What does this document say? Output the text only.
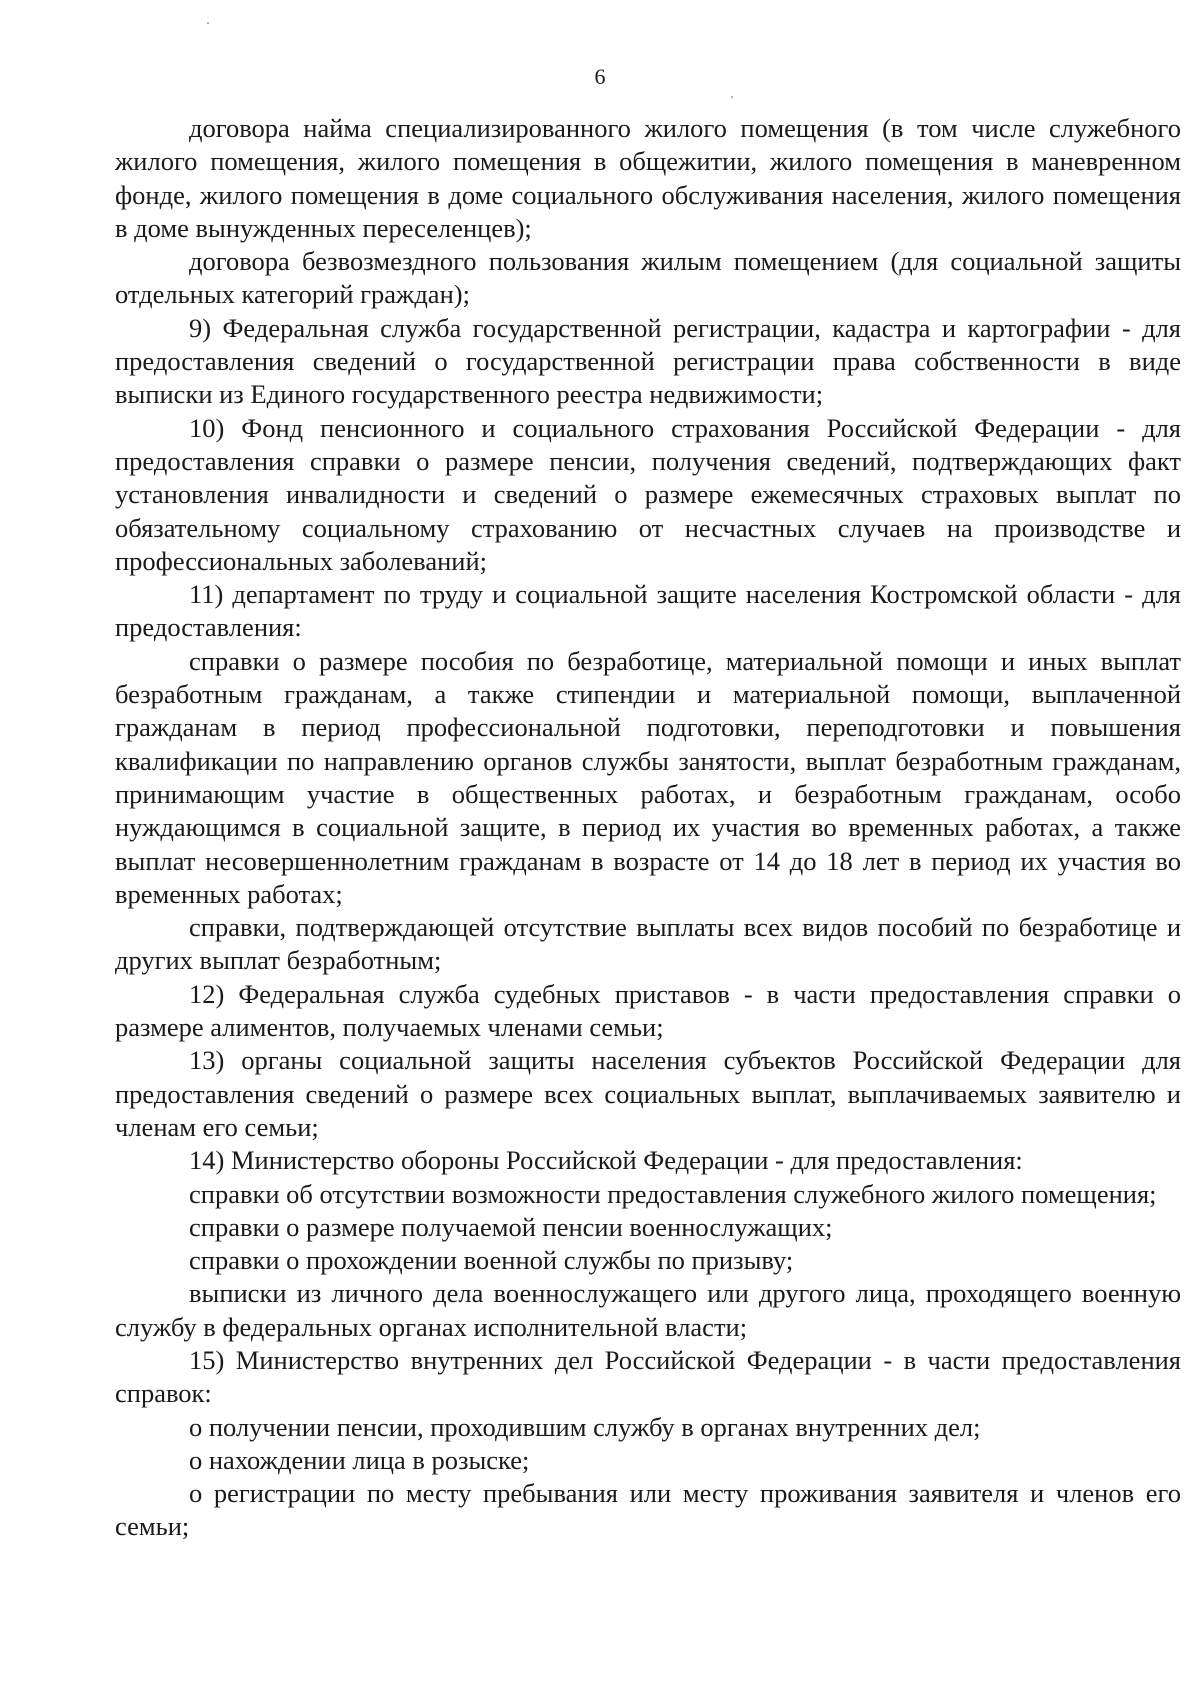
6

договора найма специализированного жилого помещения (в том числе служебного жилого помещения, жилого помещения в общежитии, жилого помещения в маневренном фонде, жилого помещения в доме социального обслуживания населения, жилого помещения в доме вынужденных переселенцев);

договора безвозмездного пользования жилым помещением (для социальной защиты отдельных категорий граждан);

9) Федеральная служба государственной регистрации, кадастра и картографии - для предоставления сведений о государственной регистрации права собственности в виде выписки из Единого государственного реестра недвижимости;

10) Фонд пенсионного и социального страхования Российской Федерации - для предоставления справки о размере пенсии, получения сведений, подтверждающих факт установления инвалидности и сведений о размере ежемесячных страховых выплат по обязательному социальному страхованию от несчастных случаев на производстве и профессиональных заболеваний;

11) департамент по труду и социальной защите населения Костромской области - для предоставления:

справки о размере пособия по безработице, материальной помощи и иных выплат безработным гражданам, а также стипендии и материальной помощи, выплаченной гражданам в период профессиональной подготовки, переподготовки и повышения квалификации по направлению органов службы занятости, выплат безработным гражданам, принимающим участие в общественных работах, и безработным гражданам, особо нуждающимся в социальной защите, в период их участия во временных работах, а также выплат несовершеннолетним гражданам в возрасте от 14 до 18 лет в период их участия во временных работах;

справки, подтверждающей отсутствие выплаты всех видов пособий по безработице и других выплат безработным;

12) Федеральная служба судебных приставов - в части предоставления справки о размере алиментов, получаемых членами семьи;

13) органы социальной защиты населения субъектов Российской Федерации для предоставления сведений о размере всех социальных выплат, выплачиваемых заявителю и членам его семьи;

14) Министерство обороны Российской Федерации - для предоставления:

справки об отсутствии возможности предоставления служебного жилого помещения;

справки о размере получаемой пенсии военнослужащих;

справки о прохождении военной службы по призыву;

выписки из личного дела военнослужащего или другого лица, проходящего военную службу в федеральных органах исполнительной власти;

15) Министерство внутренних дел Российской Федерации - в части предоставления справок:

о получении пенсии, проходившим службу в органах внутренних дел;

о нахождении лица в розыске;

о регистрации по месту пребывания или месту проживания заявителя и членов его семьи;
